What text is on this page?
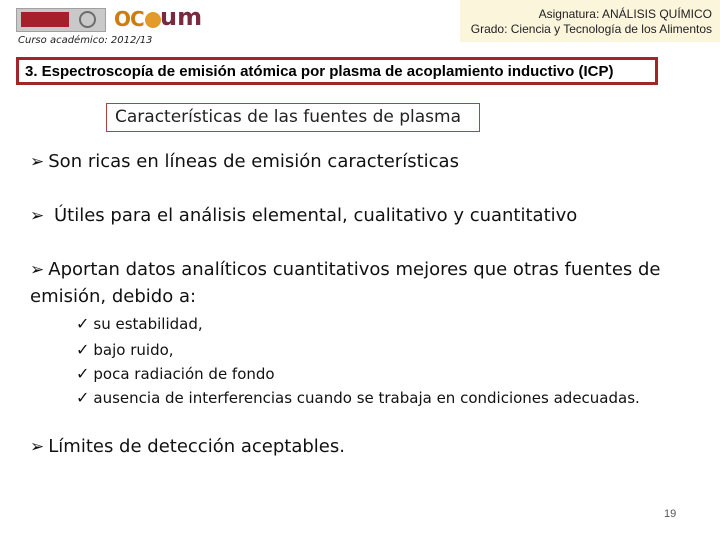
OC um
Curso académico: 2012/13
Asignatura: ANÁLISIS QUÍMICO
Grado: Ciencia y Tecnología de los Alimentos
3. Espectroscopía de emisión atómica por plasma de acoplamiento inductivo (ICP)
Características de las fuentes de plasma
➢ Son ricas en líneas de emisión características
➢ Útiles para el análisis elemental, cualitativo y cuantitativo
➢ Aportan datos analíticos cuantitativos mejores que otras fuentes de
emisión, debido a:
✓ su estabilidad,
✓ bajo ruido,
✓ poca radiación de fondo
✓ ausencia de interferencias cuando se trabaja en condiciones adecuadas.
➢ Límites de detección aceptables.
19
